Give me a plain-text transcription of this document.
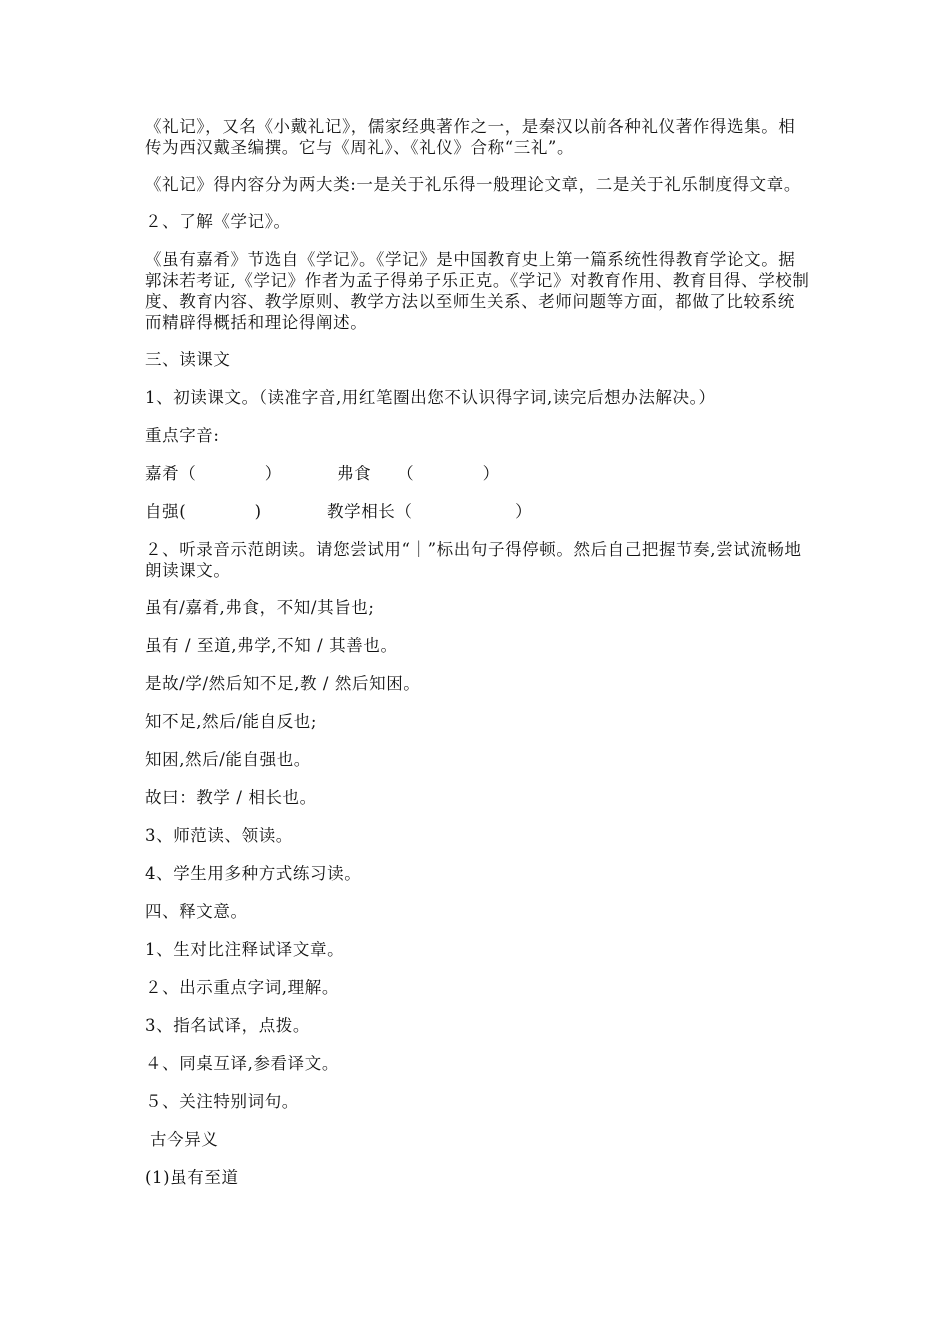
《礼记》，又名《小戴礼记》，儒家经典著作之一，是秦汉以前各种礼仪著作得选集。相传为西汉戴圣编撰。它与《周礼》、《礼仪》合称“三礼”。

《礼记》得内容分为两大类:一是关于礼乐得一般理论文章，二是关于礼乐制度得文章。

２、了解《学记》。

《虽有嘉肴》节选自《学记》。《学记》是中国教育史上第一篇系统性得教育学论文。据郭沫若考证,《学记》作者为孟子得弟子乐正克。《学记》对教育作用、教育目得、学校制度、教育内容、教学原则、教学方法以至师生关系、老师问题等方面，都做了比较系统而精辟得概括和理论得阐述。

三、读课文

1、初读课文。（读准字音,用红笔圈出您不认识得字词,读完后想办法解决。）

重点字音:

嘉肴（　　　　）	弗食　　（　　　　）
自强(　　　　)	教学相长（　　　　　　）

２、听录音示范朗读。请您尝试用“｜”标出句子得停顿。然后自己把握节奏,尝试流畅地朗读课文。

虽有/嘉肴,弗食，不知/其旨也;

虽有 / 至道,弗学,不知 / 其善也。

是故/学/然后知不足,教 / 然后知困。

知不足,然后/能自反也;

知困,然后/能自强也。

故曰：教学 / 相长也。

3、师范读、领读。

4、学生用多种方式练习读。

四、释文意。

1、生对比注释试译文章。

２、出示重点字词,理解。

3、指名试译，点拨。

４、同桌互译,参看译文。

５、关注特别词句。

古今异义

(1)虽有至道
